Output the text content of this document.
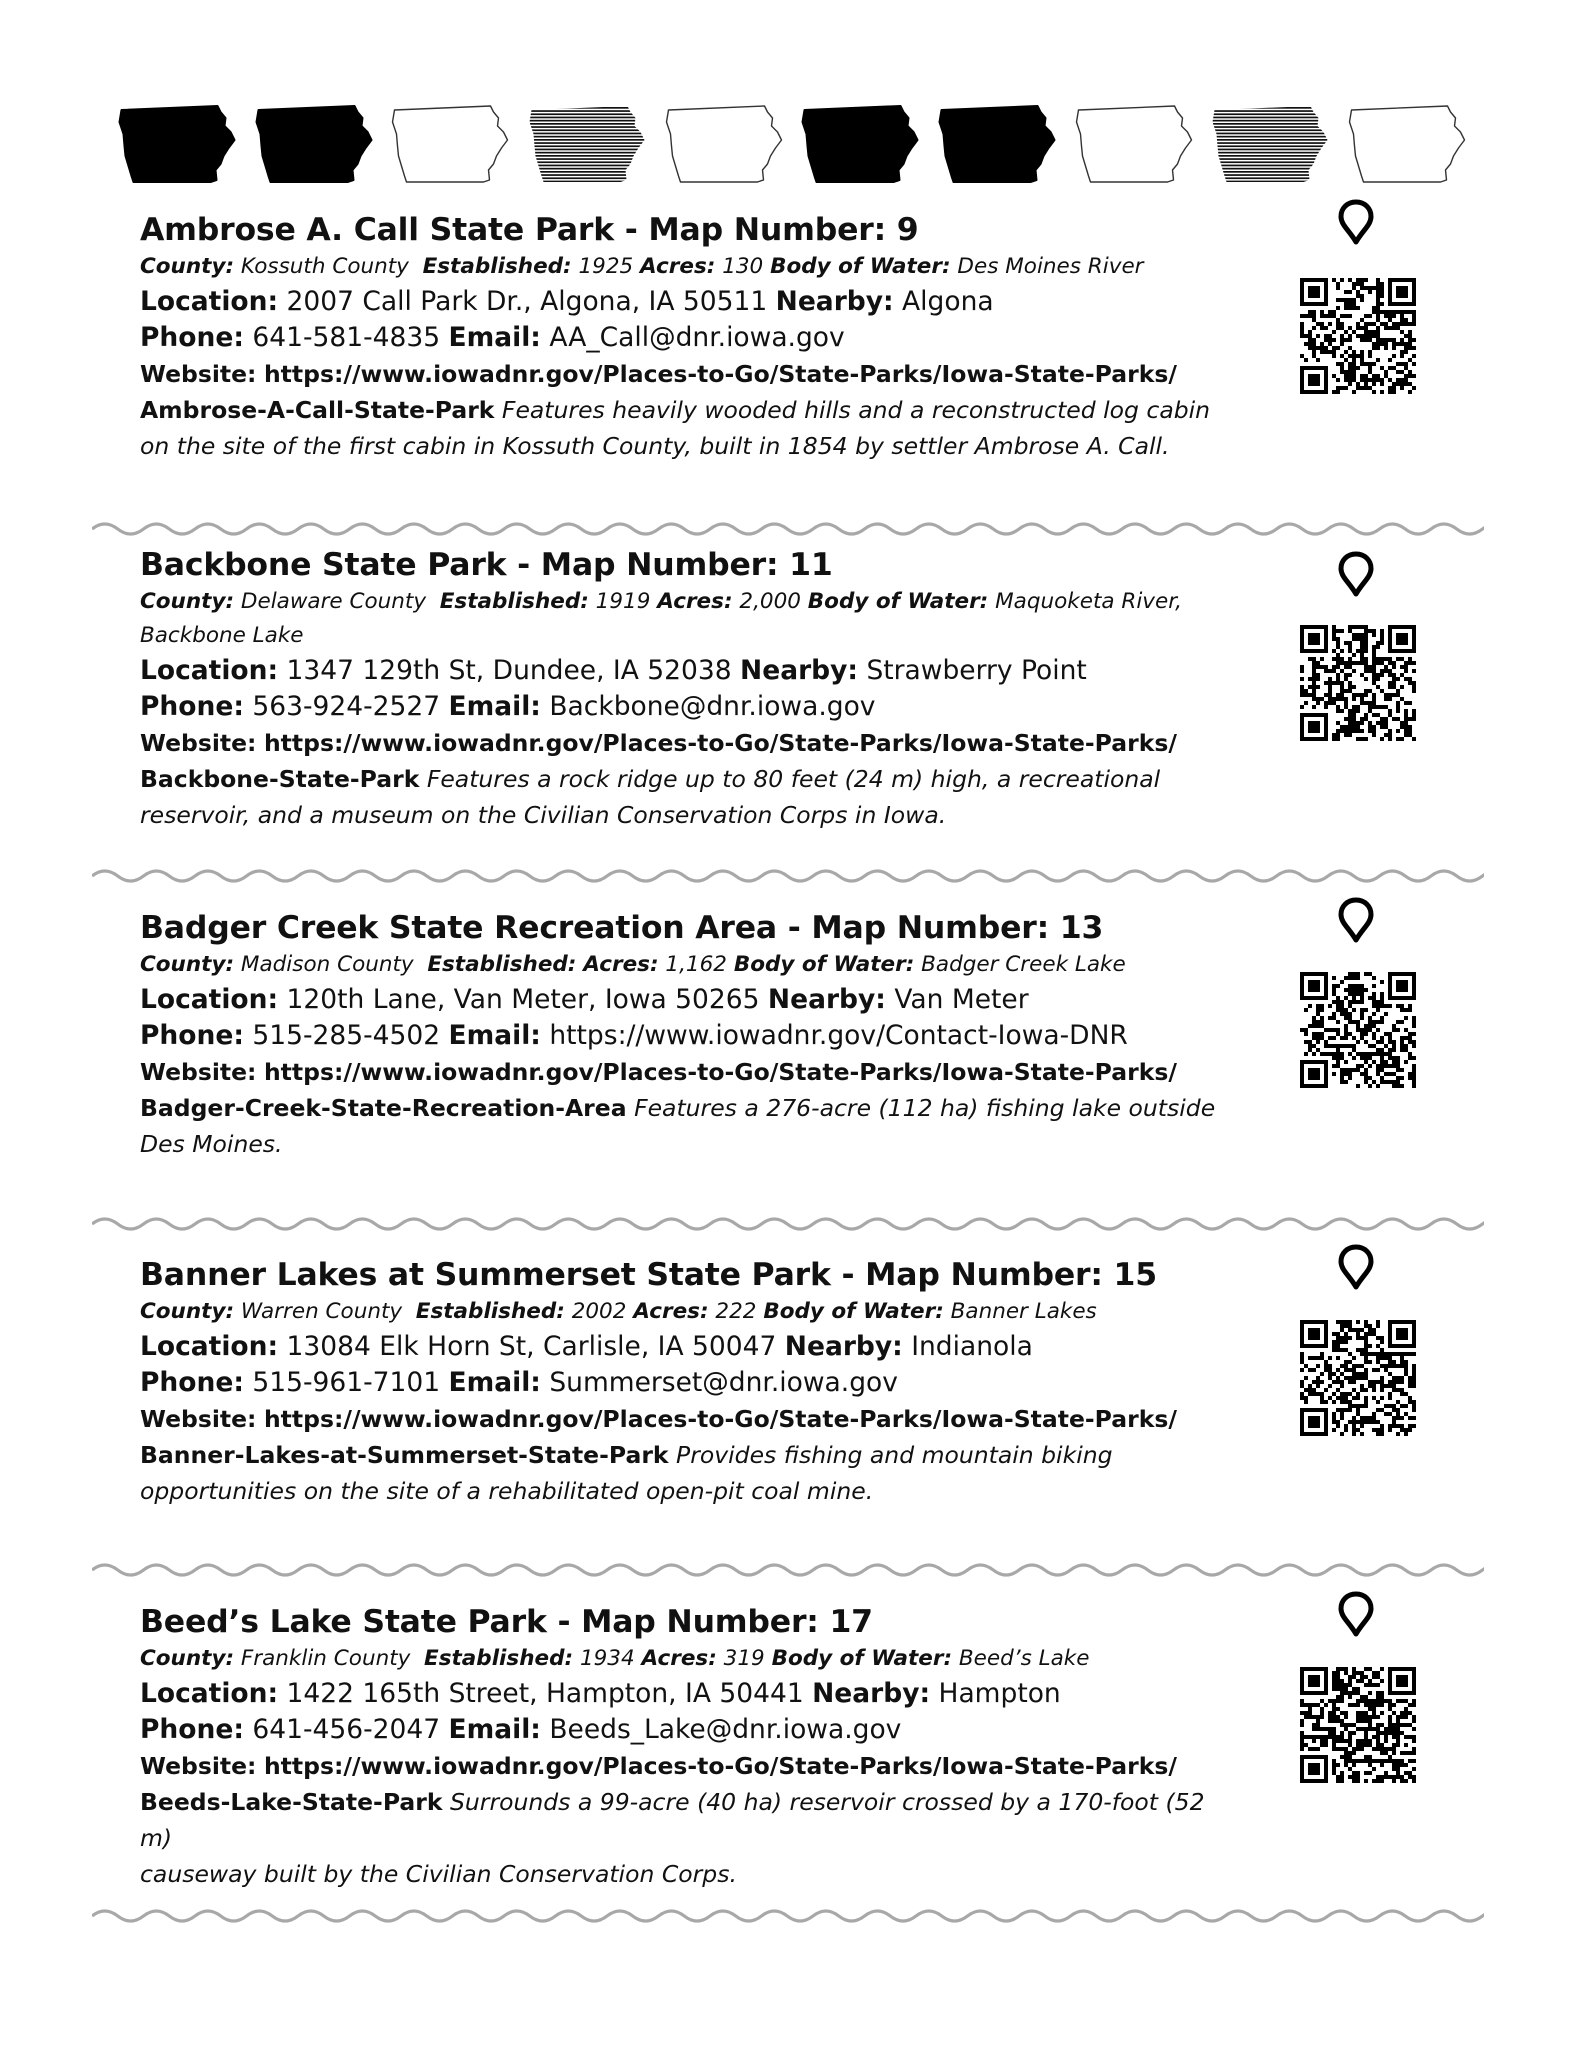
Ambrose A. Call State Park - Map Number: 9
County: Kossuth County Established: 1925 Acres: 130 Body of Water: Des Moines River
Location: 2007 Call Park Dr., Algona, IA 50511 Nearby: Algona
Phone: 641-581-4835 Email: AA_Call@dnr.iowa.gov
Website: https://www.iowadnr.gov/Places-to-Go/State-Parks/Iowa-State-Parks/
Ambrose-A-Call-State-Park Features heavily wooded hills and a reconstructed log cabin
on the site of the first cabin in Kossuth County, built in 1854 by settler Ambrose A. Call.
Backbone State Park - Map Number: 11
County: Delaware County Established: 1919 Acres: 2,000 Body of Water: Maquoketa River,
Backbone Lake
Location: 1347 129th St, Dundee, IA 52038 Nearby: Strawberry Point
Phone: 563-924-2527 Email: Backbone@dnr.iowa.gov
Website: https://www.iowadnr.gov/Places-to-Go/State-Parks/Iowa-State-Parks/
Backbone-State-Park Features a rock ridge up to 80 feet (24 m) high, a recreational
reservoir, and a museum on the Civilian Conservation Corps in Iowa.
Badger Creek State Recreation Area - Map Number: 13
County: Madison County Established: Acres: 1,162 Body of Water: Badger Creek Lake
Location: 120th Lane, Van Meter, Iowa 50265 Nearby: Van Meter
Phone: 515-285-4502 Email: https://www.iowadnr.gov/Contact-Iowa-DNR
Website: https://www.iowadnr.gov/Places-to-Go/State-Parks/Iowa-State-Parks/
Badger-Creek-State-Recreation-Area Features a 276-acre (112 ha) fishing lake outside
Des Moines.
Banner Lakes at Summerset State Park - Map Number: 15
County: Warren County Established: 2002 Acres: 222 Body of Water: Banner Lakes
Location: 13084 Elk Horn St, Carlisle, IA 50047 Nearby: Indianola
Phone: 515-961-7101 Email: Summerset@dnr.iowa.gov
Website: https://www.iowadnr.gov/Places-to-Go/State-Parks/Iowa-State-Parks/
Banner-Lakes-at-Summerset-State-Park Provides fishing and mountain biking
opportunities on the site of a rehabilitated open-pit coal mine.
Beed’s Lake State Park - Map Number: 17
County: Franklin County Established: 1934 Acres: 319 Body of Water: Beed’s Lake
Location: 1422 165th Street, Hampton, IA 50441 Nearby: Hampton
Phone: 641-456-2047 Email: Beeds_Lake@dnr.iowa.gov
Website: https://www.iowadnr.gov/Places-to-Go/State-Parks/Iowa-State-Parks/
Beeds-Lake-State-Park Surrounds a 99-acre (40 ha) reservoir crossed by a 170-foot (52 m)
causeway built by the Civilian Conservation Corps.
